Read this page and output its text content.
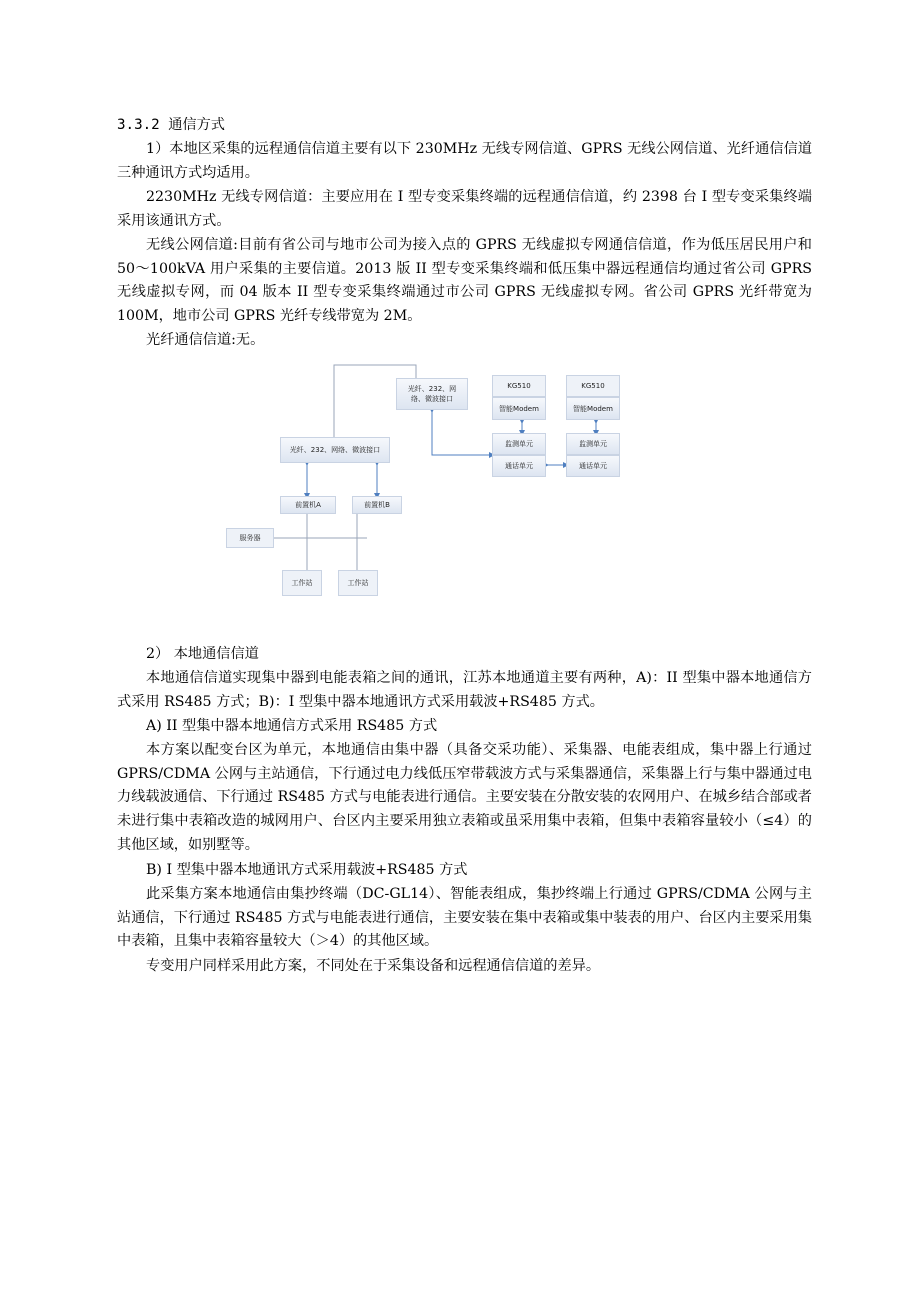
3.3.2 通信方式
1）本地区采集的远程通信信道主要有以下 230MHz 无线专网信道、GPRS 无线公网信道、光纤通信信道三种通讯方式均适用。
2230MHz 无线专网信道：主要应用在 I 型专变采集终端的远程通信信道，约 2398 台 I 型专变采集终端采用该通讯方式。
无线公网信道:目前有省公司与地市公司为接入点的 GPRS 无线虚拟专网通信信道，作为低压居民用户和 50～100kVA 用户采集的主要信道。2013 版 II 型专变采集终端和低压集中器远程通信均通过省公司 GPRS 无线虚拟专网，而 04 版本 II 型专变采集终端通过市公司 GPRS 无线虚拟专网。省公司 GPRS 光纤带宽为 100M，地市公司 GPRS 光纤专线带宽为 2M。
光纤通信信道:无。
光纤、232、网络、微波接口
KG510
智能Modem
KG510
智能Modem
监测单元
通话单元
监测单元
通话单元
光纤、232、网络、微波接口
前置机A	前置机B
服务器
工作站	工作站
2） 本地通信信道
本地通信信道实现集中器到电能表箱之间的通讯，江苏本地通道主要有两种，A)：II 型集中器本地通信方式采用 RS485 方式；B)：I 型集中器本地通讯方式采用载波+RS485 方式。
A) II 型集中器本地通信方式采用 RS485 方式
本方案以配变台区为单元，本地通信由集中器（具备交采功能）、采集器、电能表组成，集中器上行通过 GPRS/CDMA 公网与主站通信，下行通过电力线低压窄带载波方式与采集器通信，采集器上行与集中器通过电力线载波通信、下行通过 RS485 方式与电能表进行通信。主要安装在分散安装的农网用户、在城乡结合部或者未进行集中表箱改造的城网用户、台区内主要采用独立表箱或虽采用集中表箱，但集中表箱容量较小（≤4）的其他区域，如别墅等。
B) I 型集中器本地通讯方式采用载波+RS485 方式
此采集方案本地通信由集抄终端（DC-GL14）、智能表组成，集抄终端上行通过 GPRS/CDMA 公网与主站通信，下行通过 RS485 方式与电能表进行通信，主要安装在集中表箱或集中装表的用户、台区内主要采用集中表箱，且集中表箱容量较大（＞4）的其他区域。
专变用户同样采用此方案，不同处在于采集设备和远程通信信道的差异。
